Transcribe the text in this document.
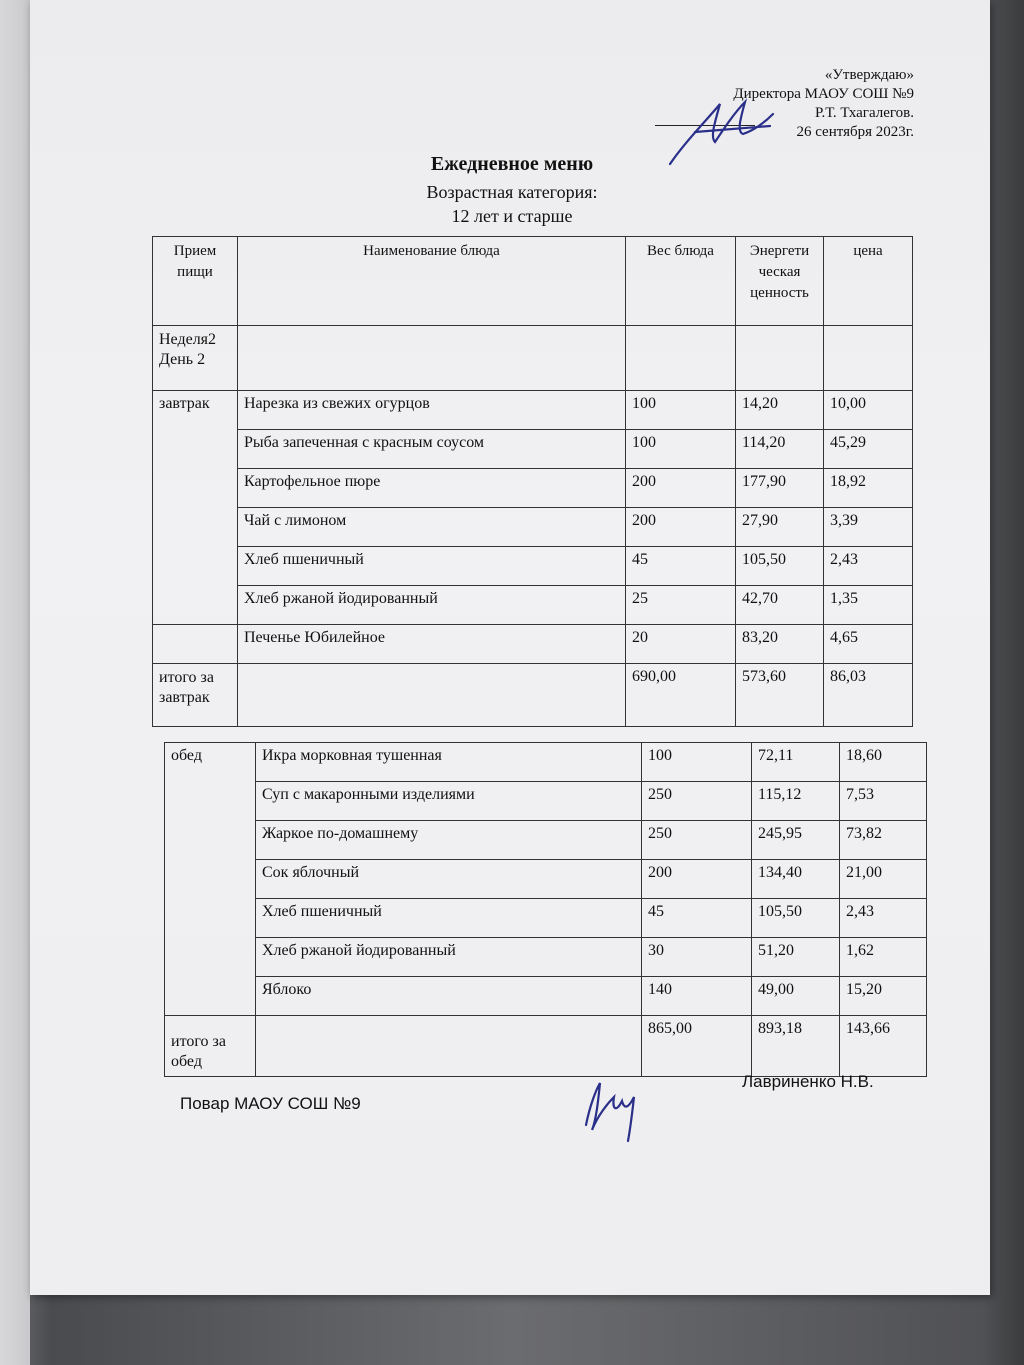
«Утверждаю»
Директора МАОУ СОШ №9
Р.Т. Тхагалегов.
26 сентября 2023г.
Ежедневное меню
Возрастная категория:
12 лет и старше
Прием пищи	Наименование блюда	Вес блюда	Энергети ческая ценность	цена
Неделя2 День 2				
завтрак	Нарезка из свежих огурцов	100	14,20	10,00
	Рыба запеченная с красным соусом	100	114,20	45,29
	Картофельное пюре	200	177,90	18,92
	Чай с лимоном	200	27,90	3,39
	Хлеб пшеничный	45	105,50	2,43
	Хлеб ржаной йодированный	25	42,70	1,35
	Печенье Юбилейное	20	83,20	4,65
итого за завтрак		690,00	573,60	86,03
обед	Икра морковная тушенная	100	72,11	18,60
	Суп с макаронными изделиями	250	115,12	7,53
	Жаркое по-домашнему	250	245,95	73,82
	Сок яблочный	200	134,40	21,00
	Хлеб пшеничный	45	105,50	2,43
	Хлеб ржаной йодированный	30	51,20	1,62
	Яблоко	140	49,00	15,20
итого за обед		865,00	893,18	143,66
Повар МАОУ СОШ №9
Лавриненко Н.В.
